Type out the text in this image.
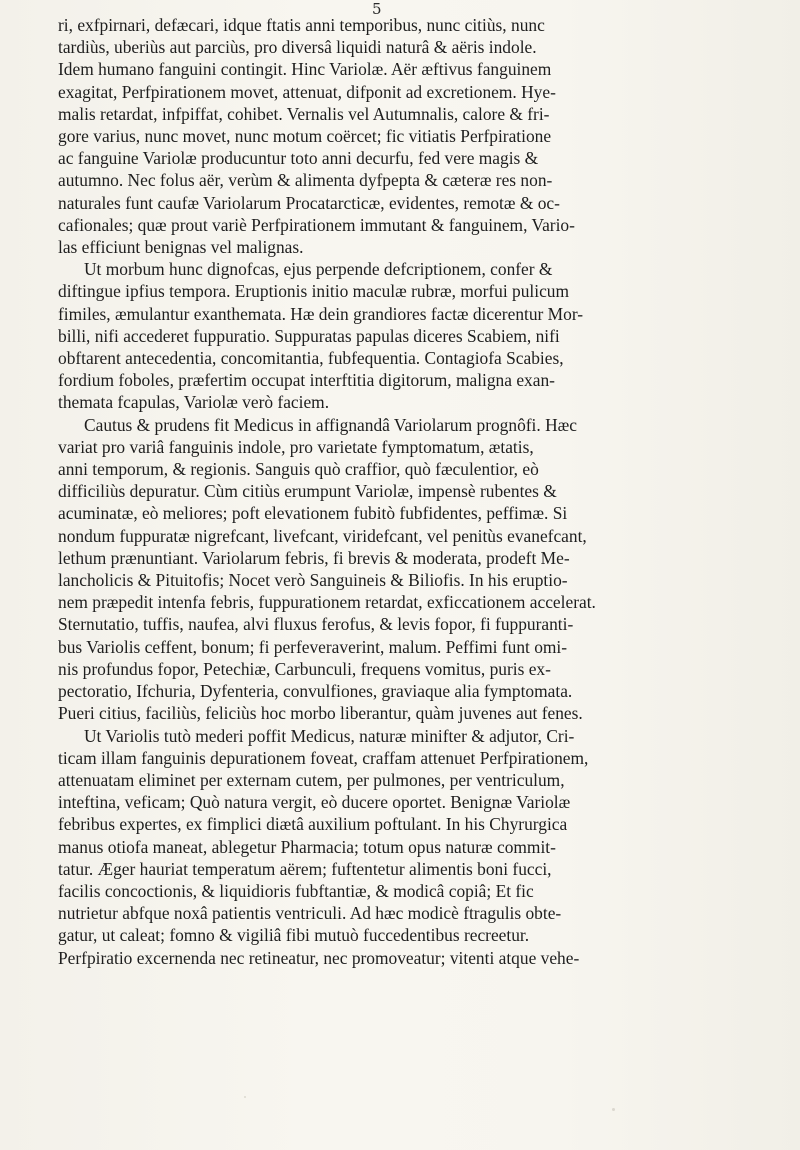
5

ri, exfpirnari, defæcari, idque ftatis anni temporibus, nunc citiùs, nunc
tardiùs, uberiùs aut parciùs, pro diversâ liquidi naturâ & aëris indole.
Idem humano fanguini contingit. Hinc Variolæ. Aër æftivus fanguinem
exagitat, Perfpirationem movet, attenuat, difponit ad excretionem. Hye-
malis retardat, infpiffat, cohibet. Vernalis vel Autumnalis, calore & fri-
gore varius, nunc movet, nunc motum coërcet; fic vitiatis Perfpiratione
ac fanguine Variolæ producuntur toto anni decurfu, fed vere magis &
autumno. Nec folus aër, verùm & alimenta dyfpepta & cæteræ res non-
naturales funt caufæ Variolarum Procatarcticæ, evidentes, remotæ & oc-
cafionales; quæ prout variè Perfpirationem immutant & fanguinem, Vario-
las efficiunt benignas vel malignas.

Ut morbum hunc dignofcas, ejus perpende defcriptionem, confer &
diftingue ipfius tempora. Eruptionis initio maculæ rubræ, morfui pulicum
fimiles, æmulantur exanthemata. Hæ dein grandiores factæ dicerentur Mor-
billi, nifi accederet fuppuratio. Suppuratas papulas diceres Scabiem, nifi
obftarent antecedentia, concomitantia, fubfequentia. Contagiofa Scabies,
fordium foboles, præfertim occupat interftitia digitorum, maligna exan-
themata fcapulas, Variolæ verò faciem.

Cautus & prudens fit Medicus in affignandâ Variolarum prognôfi. Hæc
variat pro variâ fanguinis indole, pro varietate fymptomatum, ætatis,
anni temporum, & regionis. Sanguis quò craffior, quò fæculentior, eò
difficiliùs depuratur. Cùm citiùs erumpunt Variolæ, impensè rubentes &
acuminatæ, eò meliores; poft elevationem fubitò fubfidentes, peffimæ. Si
nondum fuppuratæ nigrefcant, livefcant, viridefcant, vel penitùs evanefcant,
lethum prænuntiant. Variolarum febris, fi brevis & moderata, prodeft Me-
lancholicis & Pituitofis; Nocet verò Sanguineis & Biliofis. In his eruptio-
nem præpedit intenfa febris, fuppurationem retardat, exficcationem accelerat.
Sternutatio, tuffis, naufea, alvi fluxus ferofus, & levis fopor, fi fuppuranti-
bus Variolis ceffent, bonum; fi perfeveraverint, malum. Peffimi funt omi-
nis profundus fopor, Petechiæ, Carbunculi, frequens vomitus, puris ex-
pectoratio, Ifchuria, Dyfenteria, convulfiones, graviaque alia fymptomata.
Pueri citius, faciliùs, feliciùs hoc morbo liberantur, quàm juvenes aut fenes.

Ut Variolis tutò mederi poffit Medicus, naturæ minifter & adjutor, Cri-
ticam illam fanguinis depurationem foveat, craffam attenuet Perfpirationem,
attenuatam eliminet per externam cutem, per pulmones, per ventriculum,
inteftina, veficam; Quò natura vergit, eò ducere oportet. Benignæ Variolæ
febribus expertes, ex fimplici diætâ auxilium poftulant. In his Chyrurgica
manus otiofa maneat, ablegetur Pharmacia; totum opus naturæ commit-
tatur. Æger hauriat temperatum aërem; fuftentetur alimentis boni fucci,
facilis concoctionis, & liquidioris fubftantiæ, & modicâ copiâ; Et fic
nutrietur abfque noxâ patientis ventriculi. Ad hæc modicè ftragulis obte-
gatur, ut caleat; fomno & vigiliâ fibi mutuò fuccedentibus recreetur.
Perfpiratio excernenda nec retineatur, nec promoveatur; vitenti atque vehe-
